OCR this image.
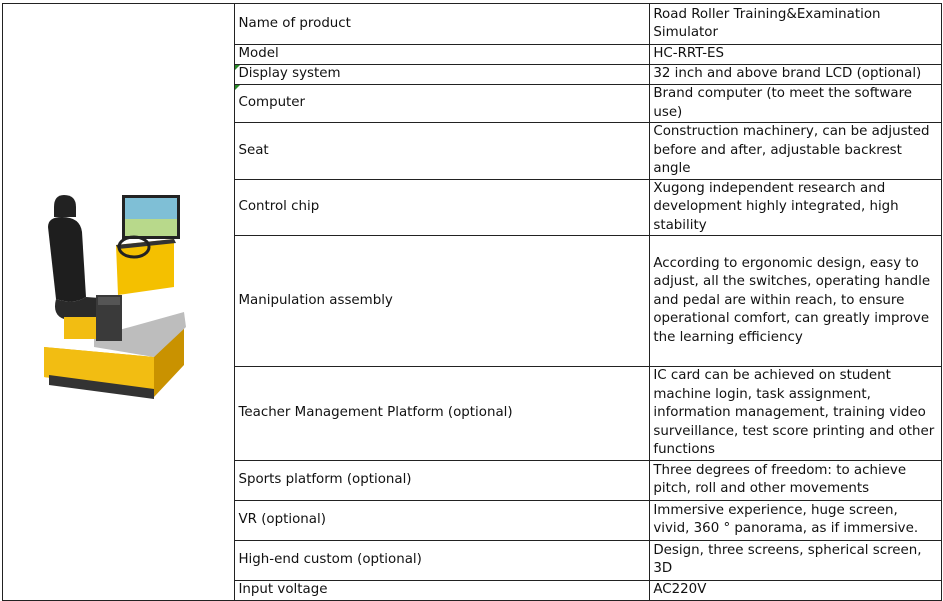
	Name of product	Road Roller Training&Examination Simulator
	Model	HC-RRT-ES
	Display system	32 inch and above brand LCD (optional)
	Computer	Brand computer (to meet the software use)
	Seat	Construction machinery, can be adjusted before and after, adjustable backrest angle
	Control chip	Xugong independent research and development highly integrated, high stability
	Manipulation assembly	According to ergonomic design, easy to adjust, all the switches, operating handle and pedal are within reach, to ensure operational comfort, can greatly improve the learning efficiency
	Teacher Management Platform (optional)	IC card can be achieved on student machine login, task assignment, information management, training video surveillance, test score printing and other functions
	Sports platform (optional)	Three degrees of freedom: to achieve pitch, roll and other movements
	VR (optional)	Immersive experience, huge screen, vivid, 360 ° panorama, as if immersive.
	High-end custom (optional)	Design, three screens, spherical screen, 3D
	Input voltage	AC220V
